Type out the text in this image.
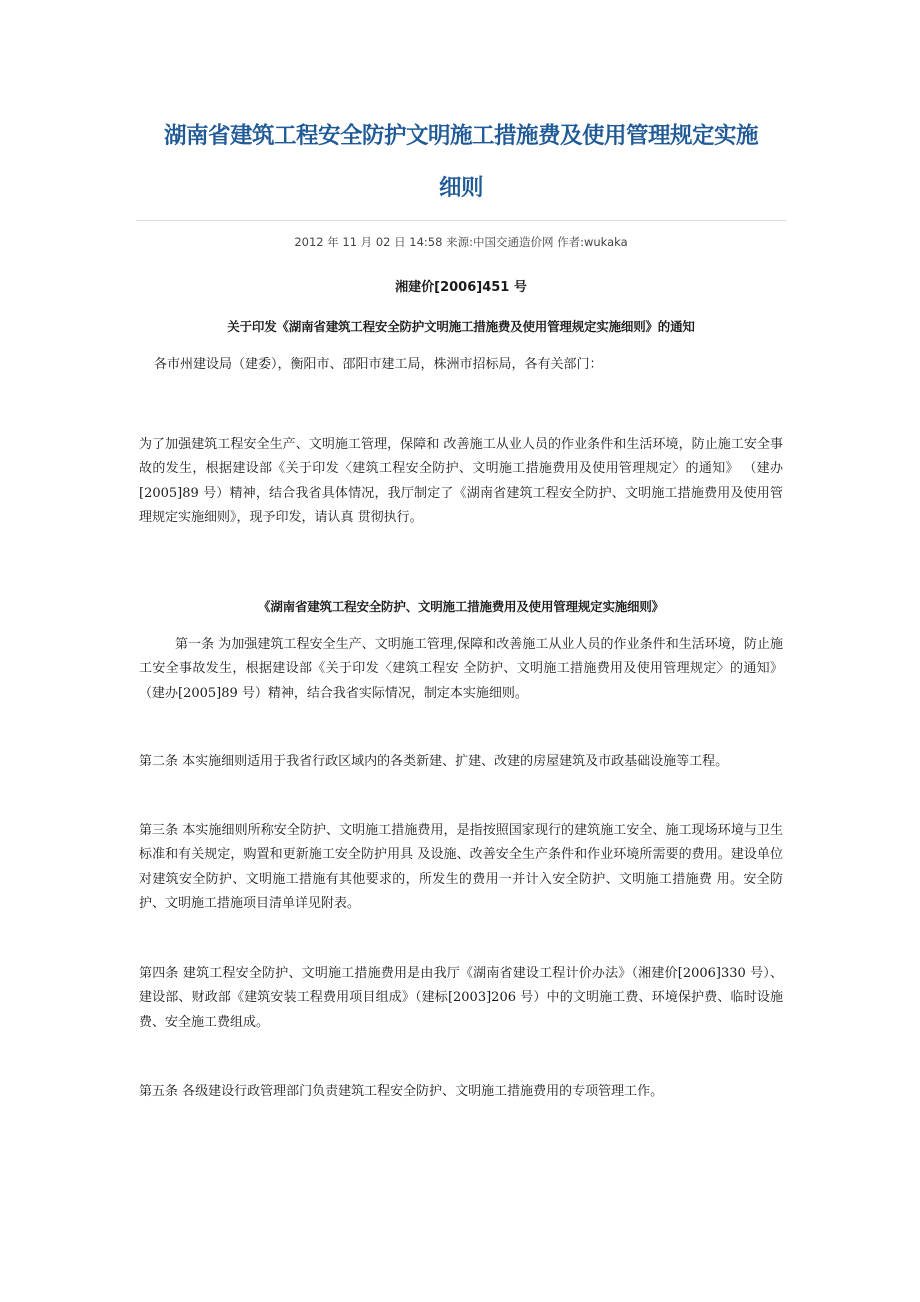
湖南省建筑工程安全防护文明施工措施费及使用管理规定实施
细则
2012 年 11 月 02 日 14:58 来源:中国交通造价网 作者:wukaka
湘建价[2006]451 号
关于印发《湖南省建筑工程安全防护文明施工措施费及使用管理规定实施细则》的通知

各市州建设局（建委），衡阳市、邵阳市建工局，株洲市招标局，各有关部门：

为了加强建筑工程安全生产、文明施工管理，保障和 改善施工从业人员的作业条件和生活环境，防止施工安全事故的发生，根据建设部《关于印发〈建筑工程安全防护、文明施工措施费用及使用管理规定〉的通知》 （建办[2005]89 号）精神，结合我省具体情况，我厅制定了《湖南省建筑工程安全防护、文明施工措施费用及使用管理规定实施细则》，现予印发，请认真 贯彻执行。

《湖南省建筑工程安全防护、文明施工措施费用及使用管理规定实施细则》

第一条 为加强建筑工程安全生产、文明施工管理,保障和改善施工从业人员的作业条件和生活环境，防止施工安全事故发生，根据建设部《关于印发〈建筑工程安 全防护、文明施工措施费用及使用管理规定〉的通知》（建办[2005]89 号）精神，结合我省实际情况，制定本实施细则。

第二条 本实施细则适用于我省行政区域内的各类新建、扩建、改建的房屋建筑及市政基础设施等工程。

第三条 本实施细则所称安全防护、文明施工措施费用，是指按照国家现行的建筑施工安全、施工现场环境与卫生标准和有关规定，购置和更新施工安全防护用具 及设施、改善安全生产条件和作业环境所需要的费用。建设单位对建筑安全防护、文明施工措施有其他要求的，所发生的费用一并计入安全防护、文明施工措施费 用。安全防护、文明施工措施项目清单详见附表。

第四条 建筑工程安全防护、文明施工措施费用是由我厅《湖南省建设工程计价办法》（湘建价[2006]330 号）、建设部、财政部《建筑安装工程费用项目组成》（建标[2003]206 号）中的文明施工费、环境保护费、临时设施费、安全施工费组成。

第五条 各级建设行政管理部门负责建筑工程安全防护、文明施工措施费用的专项管理工作。
